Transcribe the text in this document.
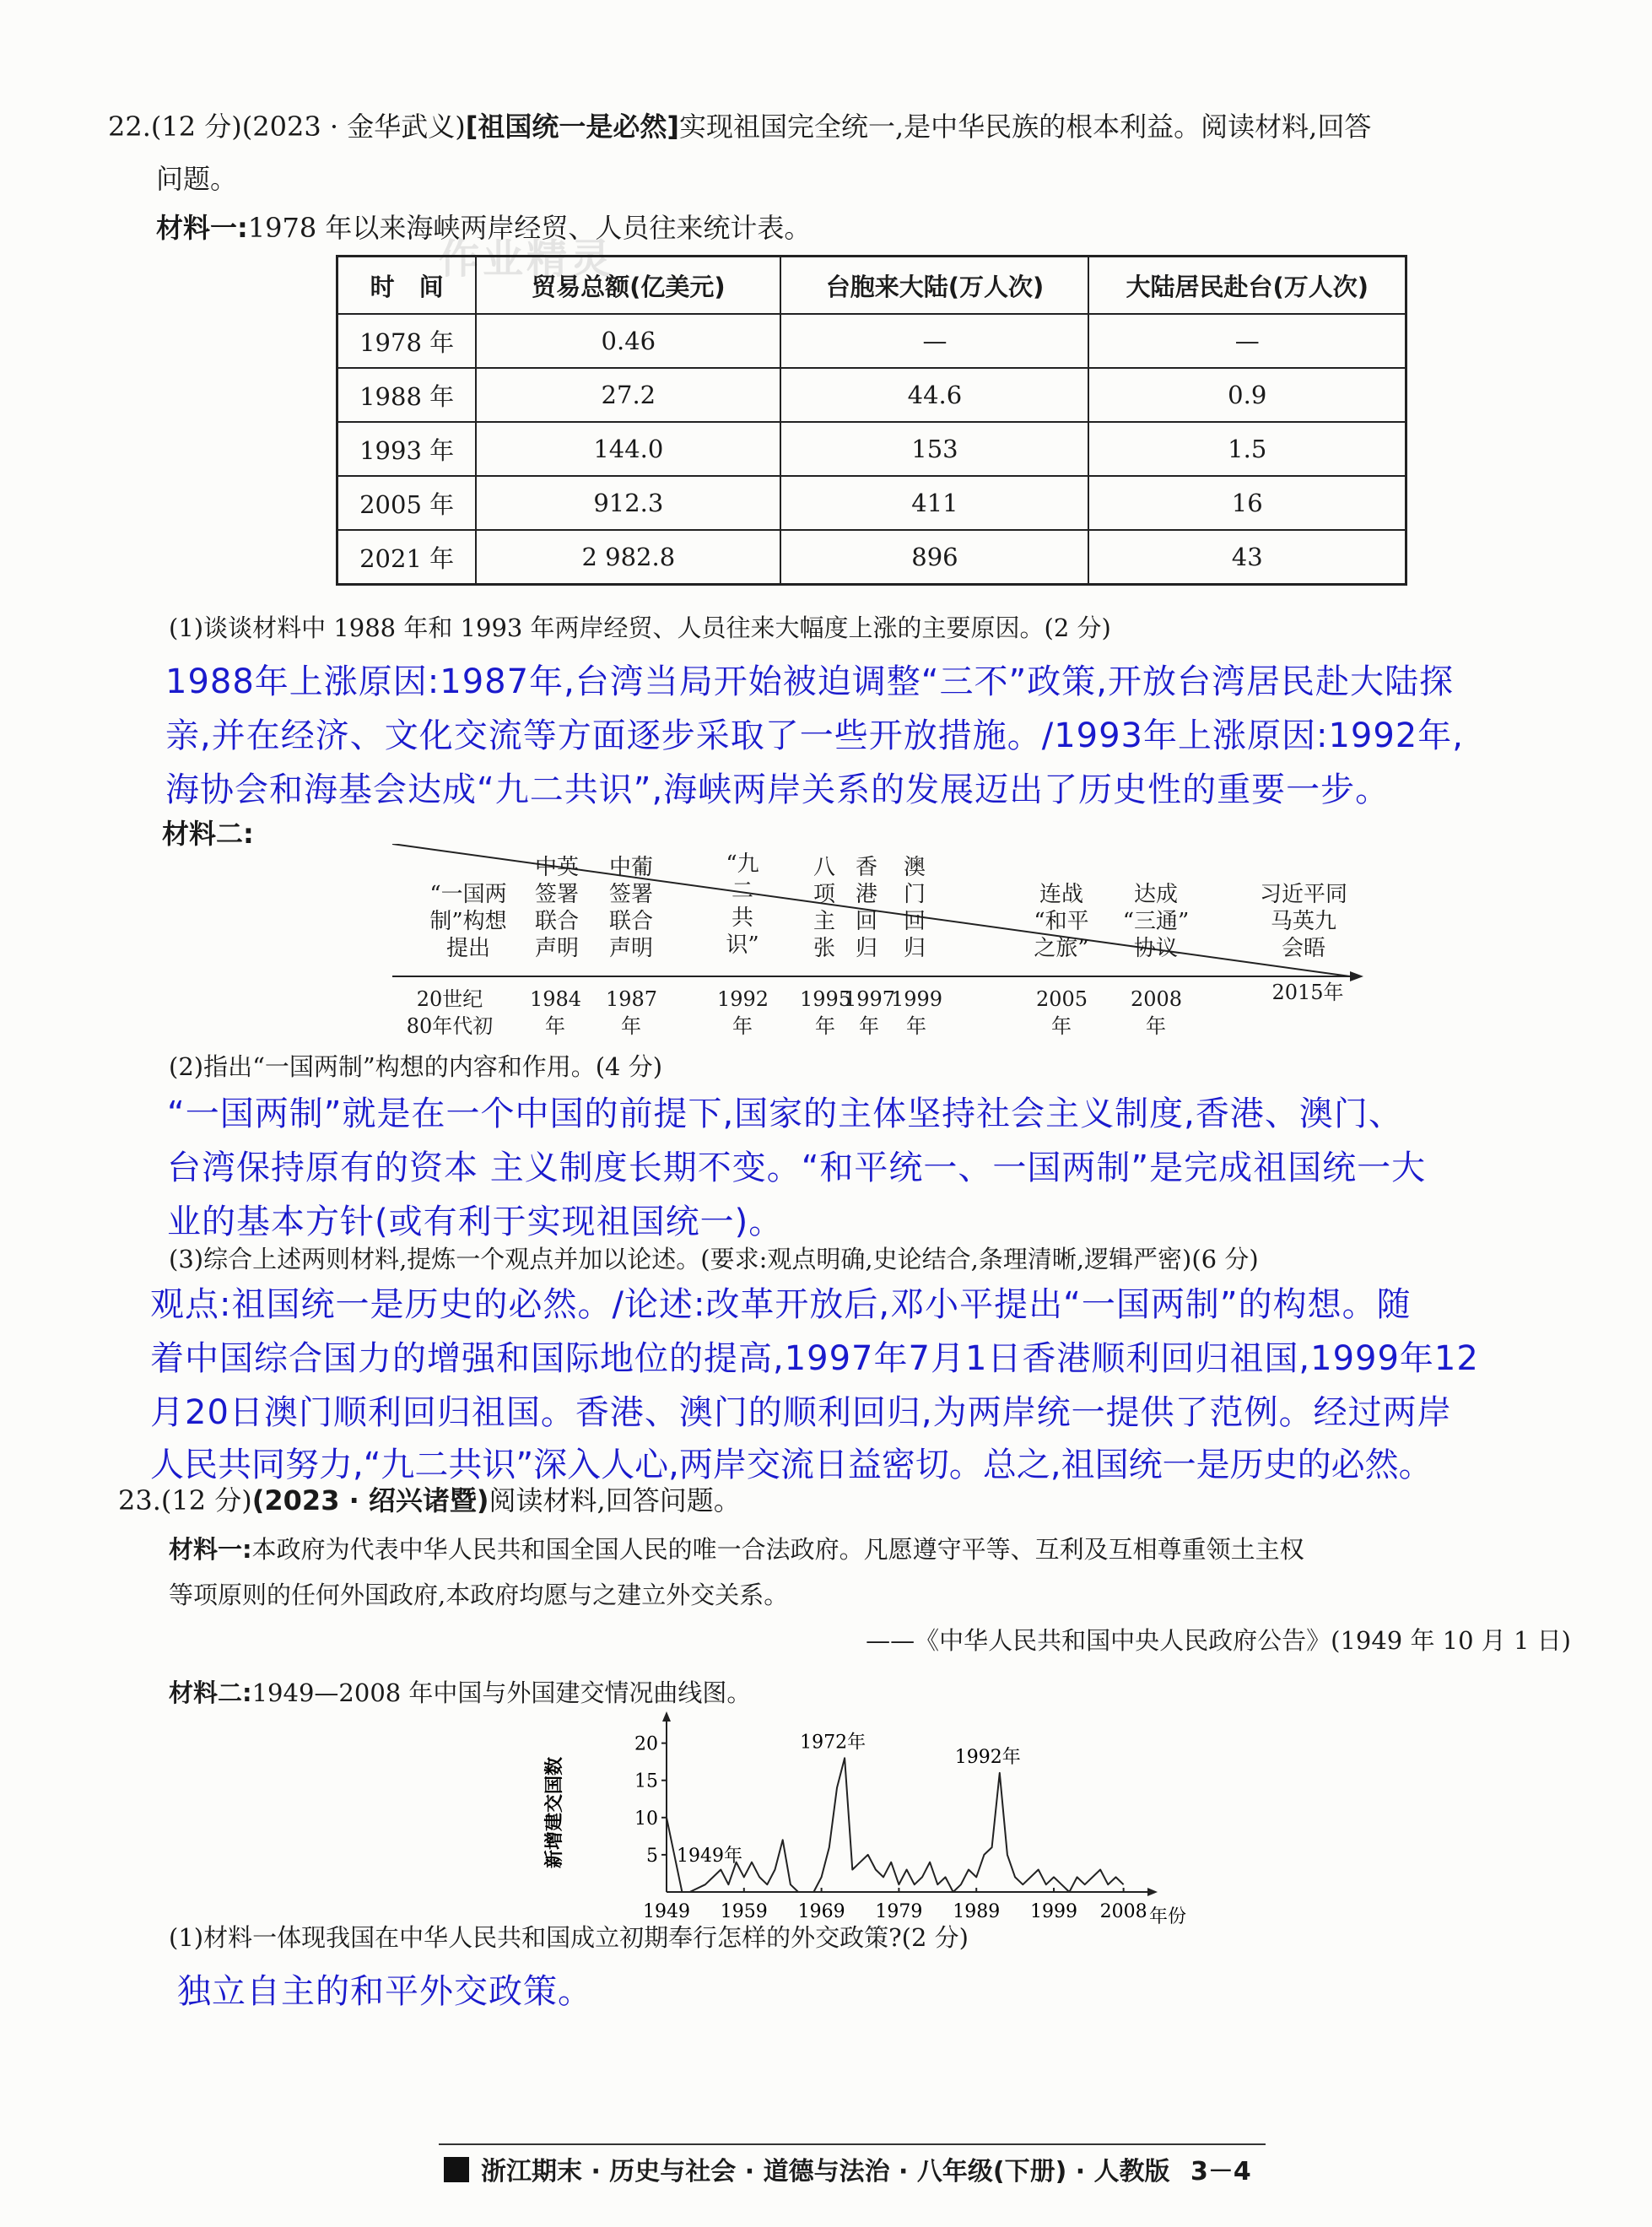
22.(12 分)(2023 · 金华武义)[祖国统一是必然]实现祖国完全统一,是中华民族的根本利益。阅读材料,回答
问题。
材料一:1978 年以来海峡两岸经贸、人员往来统计表。
作业精灵
时　间	贸易总额(亿美元)	台胞来大陆(万人次)	大陆居民赴台(万人次)
1978 年	0.46	—	—
1988 年	27.2	44.6	0.9
1993 年	144.0	153	1.5
2005 年	912.3	411	16
2021 年	2 982.8	896	43
(1)谈谈材料中 1988 年和 1993 年两岸经贸、人员往来大幅度上涨的主要原因。(2 分)
1988年上涨原因:1987年,台湾当局开始被迫调整“三不”政策,开放台湾居民赴大陆探
亲,并在经济、文化交流等方面逐步采取了一些开放措施。/1993年上涨原因:1992年,
海协会和海基会达成“九二共识”,海峡两岸关系的发展迈出了历史性的重要一步。
材料二:
“一国两
制”构想
提出
中英
签署
联合
声明
中葡
签署
联合
声明
“九
二
共
识”
八
项
主
张
香
港
回
归
澳
门
回
归
连战
“和平
之旅”
达成
“三通”
协议
习近平同
马英九
会晤
20世纪
80年代初
1984
年
1987
年
1992
年
1995
年
1997
年
1999
年
2005
年
2008
年
2015年
(2)指出“一国两制”构想的内容和作用。(4 分)
“一国两制”就是在一个中国的前提下,国家的主体坚持社会主义制度,香港、澳门、
台湾保持原有的资本 主义制度长期不变。“和平统一、一国两制”是完成祖国统一大
业的基本方针(或有利于实现祖国统一)。
(3)综合上述两则材料,提炼一个观点并加以论述。(要求:观点明确,史论结合,条理清晰,逻辑严密)(6 分)
观点:祖国统一是历史的必然。/论述:改革开放后,邓小平提出“一国两制”的构想。随
着中国综合国力的增强和国际地位的提高,1997年7月1日香港顺利回归祖国,1999年12
月20日澳门顺利回归祖国。香港、澳门的顺利回归,为两岸统一提供了范例。经过两岸
人民共同努力,“九二共识”深入人心,两岸交流日益密切。总之,祖国统一是历史的必然。
23.(12 分)(2023 · 绍兴诸暨)阅读材料,回答问题。
材料一:本政府为代表中华人民共和国全国人民的唯一合法政府。凡愿遵守平等、互利及互相尊重领土主权
等项原则的任何外国政府,本政府均愿与之建立外交关系。
——《中华人民共和国中央人民政府公告》(1949 年 10 月 1 日)
材料二:1949—2008 年中国与外国建交情况曲线图。
5
10
15
20
1949 1959 1969 1979 1989 1999 2008
1949年
1972年
1992年
新增建交国数
年份
(1)材料一体现我国在中华人民共和国成立初期奉行怎样的外交政策?(2 分)
独立自主的和平外交政策。
浙江期末 · 历史与社会 · 道德与法治 · 八年级(下册) · 人教版 3－4
